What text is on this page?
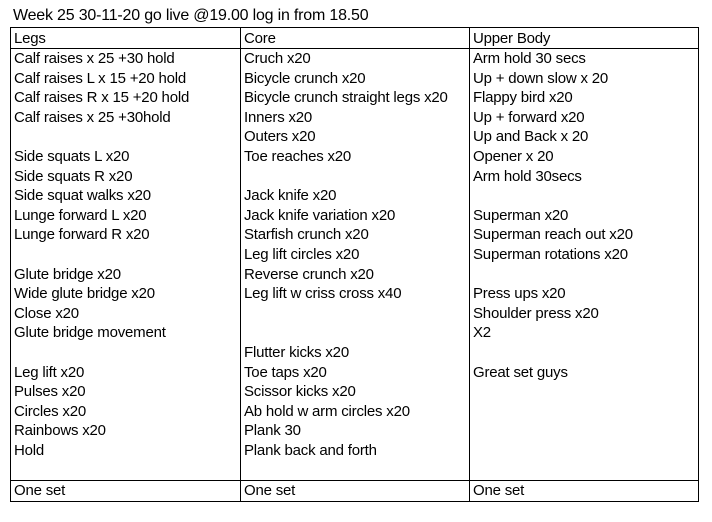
Week 25 30-11-20 go live @19.00 log in from 18.50
Legs	Core	Upper Body
Calf raises x 25 +30 hold	Cruch x20	Arm hold 30 secs
Calf raises L x 15 +20 hold	Bicycle crunch x20	Up + down slow x 20
Calf raises R x 15 +20 hold	Bicycle crunch straight legs x20	Flappy bird x20
Calf raises x 25 +30hold	Inners x20	Up + forward x20
	Outers x20	Up and Back x 20
Side squats L x20	Toe reaches x20	Opener x 20
Side squats R x20		Arm hold 30secs
Side squat walks x20	Jack knife x20	
Lunge forward L x20	Jack knife variation x20	Superman x20
Lunge forward R x20	Starfish crunch x20	Superman reach out x20
	Leg lift circles x20	Superman rotations x20
Glute bridge x20	Reverse crunch x20	
Wide glute bridge x20	Leg lift w criss cross x40	Press ups x20
Close x20		Shoulder press x20
Glute bridge movement		X2
	Flutter kicks x20	
Leg lift x20	Toe taps x20	Great set guys
Pulses x20	Scissor kicks x20	
Circles x20	Ab hold w arm circles x20	
Rainbows x20	Plank 30	
Hold	Plank back and forth	

One set	One set	One set
